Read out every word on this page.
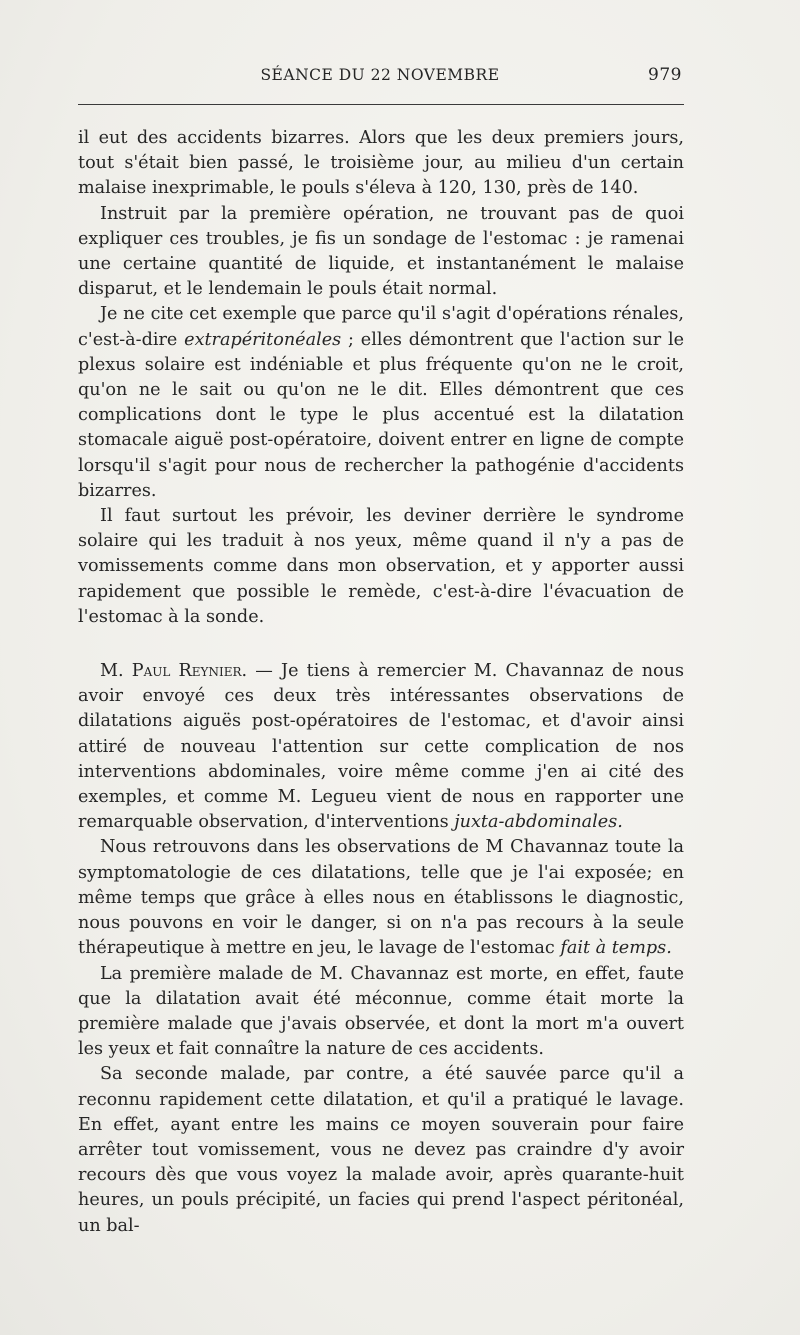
SÉANCE DU 22 NOVEMBRE	979

il eut des accidents bizarres. Alors que les deux premiers jours, tout s'était bien passé, le troisième jour, au milieu d'un certain malaise inexprimable, le pouls s'éleva à 120, 130, près de 140.

Instruit par la première opération, ne trouvant pas de quoi expliquer ces troubles, je fis un sondage de l'estomac : je ramenai une certaine quantité de liquide, et instantanément le malaise disparut, et le lendemain le pouls était normal.

Je ne cite cet exemple que parce qu'il s'agit d'opérations rénales, c'est-à-dire extrapéritonéales ; elles démontrent que l'action sur le plexus solaire est indéniable et plus fréquente qu'on ne le croit, qu'on ne le sait ou qu'on ne le dit. Elles démontrent que ces complications dont le type le plus accentué est la dilatation stomacale aiguë post-opératoire, doivent entrer en ligne de compte lorsqu'il s'agit pour nous de rechercher la pathogénie d'accidents bizarres.

Il faut surtout les prévoir, les deviner derrière le syndrome solaire qui les traduit à nos yeux, même quand il n'y a pas de vomissements comme dans mon observation, et y apporter aussi rapidement que possible le remède, c'est-à-dire l'évacuation de l'estomac à la sonde.

M. Paul Reynier. — Je tiens à remercier M. Chavannaz de nous avoir envoyé ces deux très intéressantes observations de dilatations aiguës post-opératoires de l'estomac, et d'avoir ainsi attiré de nouveau l'attention sur cette complication de nos interventions abdominales, voire même comme j'en ai cité des exemples, et comme M. Legueu vient de nous en rapporter une remarquable observation, d'interventions juxta-abdominales.

Nous retrouvons dans les observations de M Chavannaz toute la symptomatologie de ces dilatations, telle que je l'ai exposée; en même temps que grâce à elles nous en établissons le diagnostic, nous pouvons en voir le danger, si on n'a pas recours à la seule thérapeutique à mettre en jeu, le lavage de l'estomac fait à temps.

La première malade de M. Chavannaz est morte, en effet, faute que la dilatation avait été méconnue, comme était morte la première malade que j'avais observée, et dont la mort m'a ouvert les yeux et fait connaître la nature de ces accidents.

Sa seconde malade, par contre, a été sauvée parce qu'il a reconnu rapidement cette dilatation, et qu'il a pratiqué le lavage. En effet, ayant entre les mains ce moyen souverain pour faire arrêter tout vomissement, vous ne devez pas craindre d'y avoir recours dès que vous voyez la malade avoir, après quarante-huit heures, un pouls précipité, un facies qui prend l'aspect péritonéal, un bal-
